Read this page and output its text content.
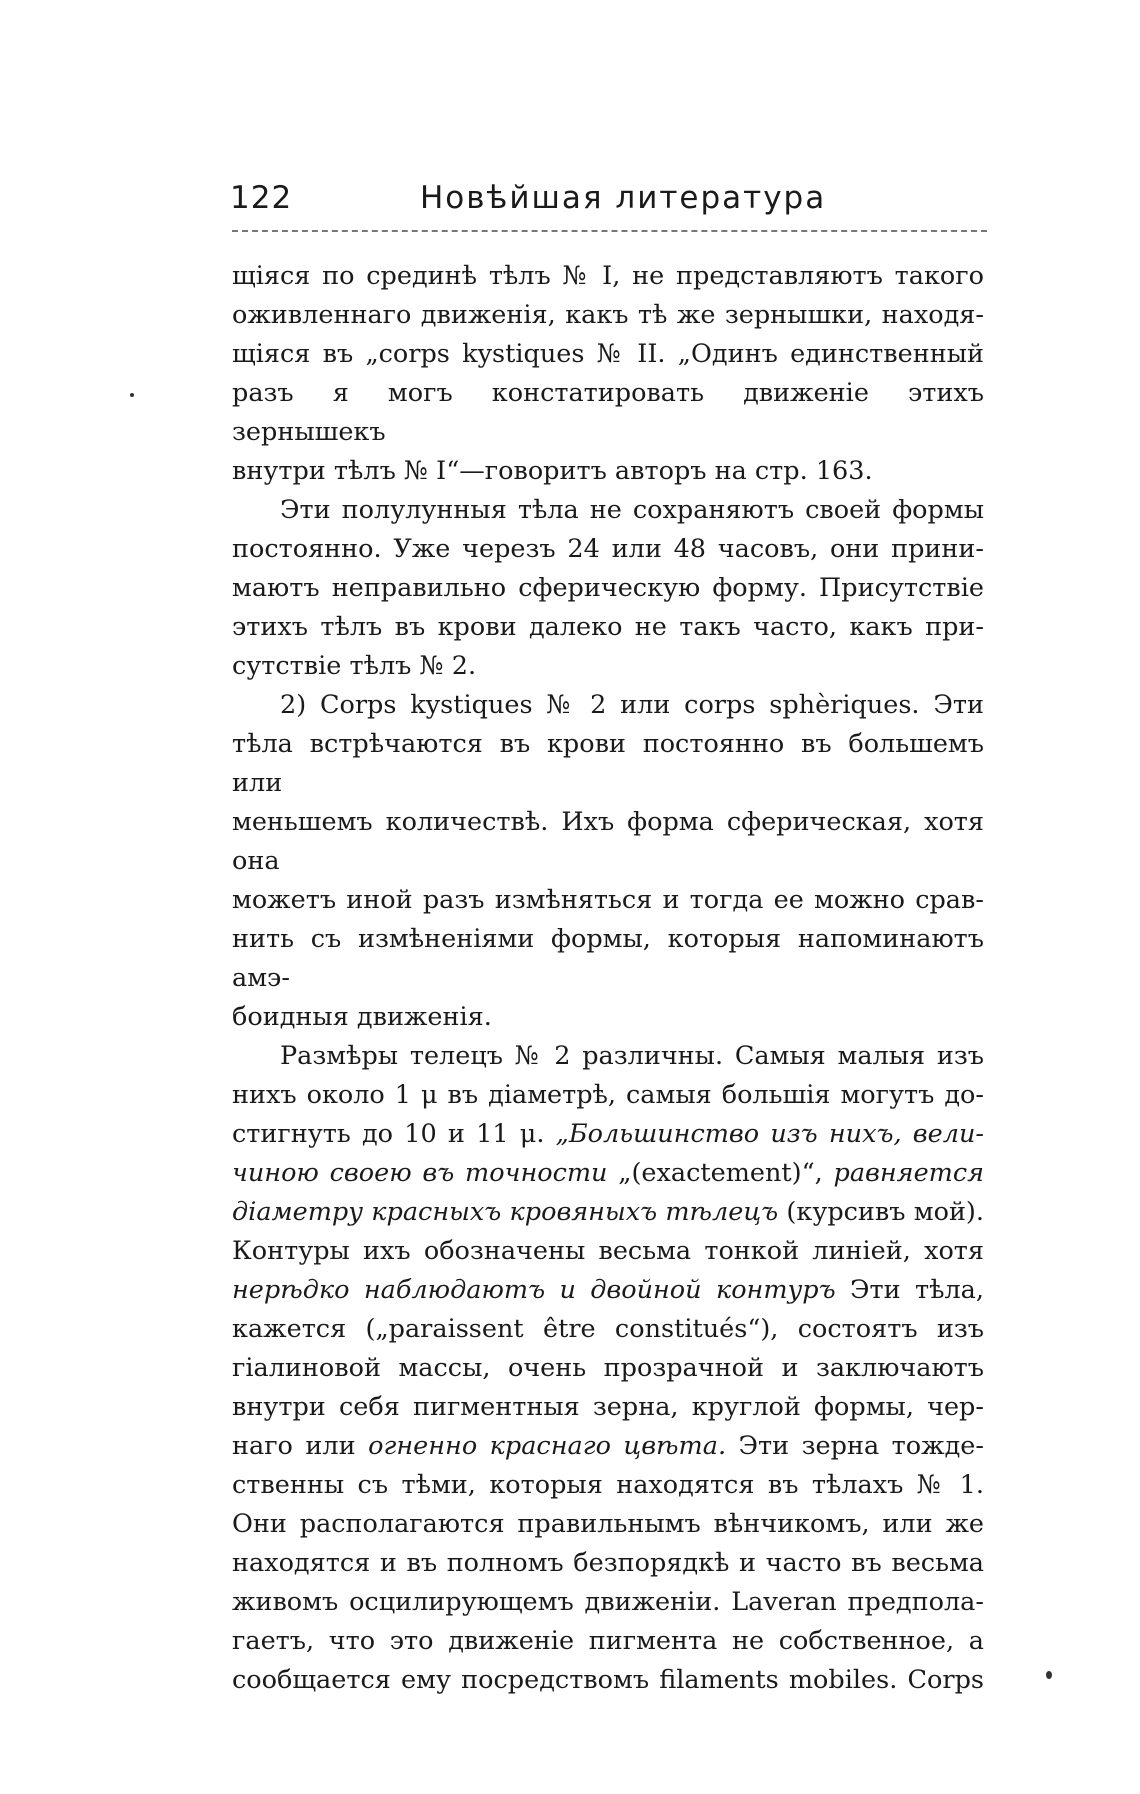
122	Новѣйшая литература

щіяся по срединѣ тѣлъ № I, не представляютъ такого

оживленнаго движенія, какъ тѣ же зернышки, находя-

щіяся въ „corps kystiques № II. „Одинъ единственный

разъ я могъ констатировать движеніе этихъ зернышекъ

внутри тѣлъ № I“—говоритъ авторъ на стр. 163.

Эти полулунныя тѣла не сохраняютъ своей формы

постоянно. Уже черезъ 24 или 48 часовъ, они прини-

маютъ неправильно сферическую форму. Присутствіе

этихъ тѣлъ въ крови далеко не такъ часто, какъ при-

сутствіе тѣлъ № 2.

2) Corps kystiques № 2 или corps sphèriques. Эти

тѣла встрѣчаются въ крови постоянно въ большемъ или

меньшемъ количествѣ. Ихъ форма сферическая, хотя она

можетъ иной разъ измѣняться и тогда ее можно срав-

нить съ измѣненіями формы, которыя напоминаютъ амэ-

боидныя движенія.

Размѣры телецъ № 2 различны. Самыя малыя изъ

нихъ около 1 μ въ діаметрѣ, самыя большія могутъ до-

стигнуть до 10 и 11 μ. „Большинство изъ нихъ, вели-

чиною своею въ точности „(exactement)“, равняется

діаметру красныхъ кровяныхъ тѣлецъ (курсивъ мой).

Контуры ихъ обозначены весьма тонкой линіей, хотя

нерѣдко наблюдаютъ и двойной контуръ Эти тѣла,

кажется („paraissent être constitués“), состоятъ изъ

гіалиновой массы, очень прозрачной и заключаютъ

внутри себя пигментныя зерна, круглой формы, чер-

наго или огненно краснаго цвѣта. Эти зерна тожде-

ственны съ тѣми, которыя находятся въ тѣлахъ № 1.

Они располагаются правильнымъ вѣнчикомъ, или же

находятся и въ полномъ безпорядкѣ и часто въ весьма

живомъ осцилирующемъ движеніи. Laveran предпола-

гаетъ, что это движеніе пигмента не собственное, а

сообщается ему посредствомъ filaments mobiles. Corps
